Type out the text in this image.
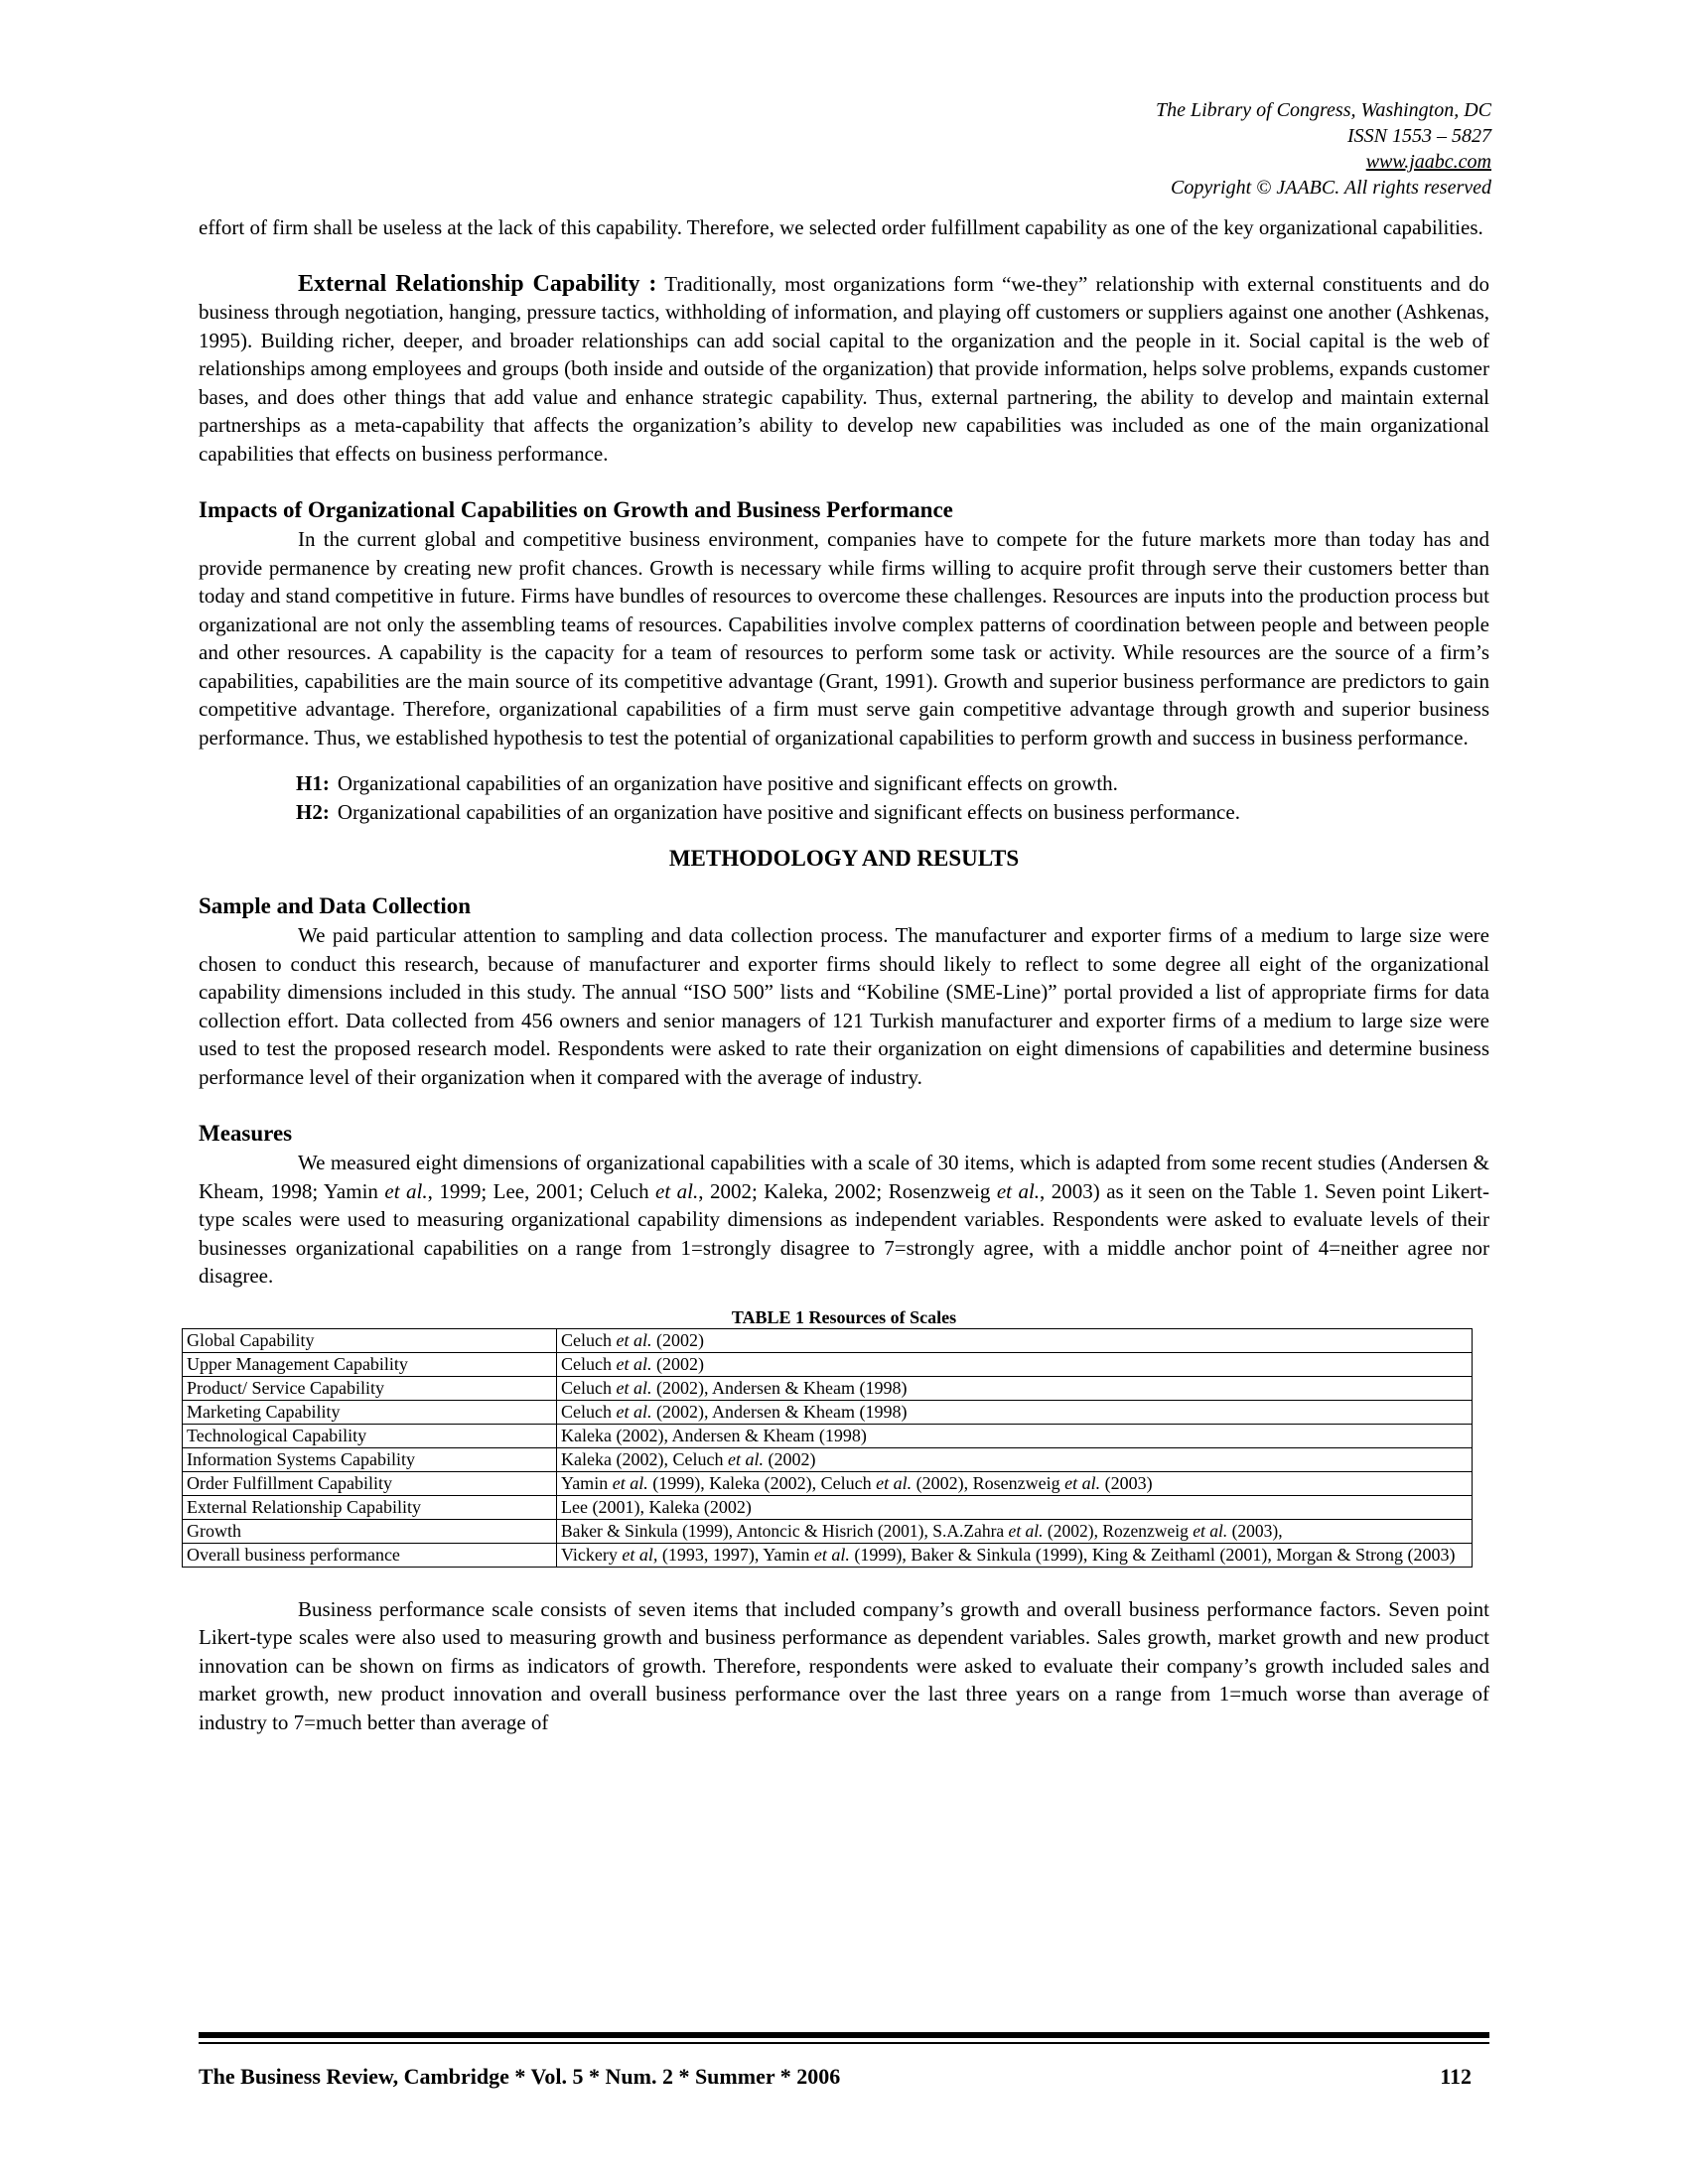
The Library of Congress, Washington, DC
ISSN 1553 – 5827
www.jaabc.com
Copyright © JAABC. All rights reserved

effort of firm shall be useless at the lack of this capability. Therefore, we selected order fulfillment capability as one of the key organizational capabilities.

External Relationship Capability : Traditionally, most organizations form “we-they” relationship with external constituents and do business through negotiation, hanging, pressure tactics, withholding of information, and playing off customers or suppliers against one another (Ashkenas, 1995). Building richer, deeper, and broader relationships can add social capital to the organization and the people in it. Social capital is the web of relationships among employees and groups (both inside and outside of the organization) that provide information, helps solve problems, expands customer bases, and does other things that add value and enhance strategic capability. Thus, external partnering, the ability to develop and maintain external partnerships as a meta-capability that affects the organization’s ability to develop new capabilities was included as one of the main organizational capabilities that effects on business performance.

Impacts of Organizational Capabilities on Growth and Business Performance

In the current global and competitive business environment, companies have to compete for the future markets more than today has and provide permanence by creating new profit chances. Growth is necessary while firms willing to acquire profit through serve their customers better than today and stand competitive in future. Firms have bundles of resources to overcome these challenges. Resources are inputs into the production process but organizational are not only the assembling teams of resources. Capabilities involve complex patterns of coordination between people and between people and other resources. A capability is the capacity for a team of resources to perform some task or activity. While resources are the source of a firm’s capabilities, capabilities are the main source of its competitive advantage (Grant, 1991). Growth and superior business performance are predictors to gain competitive advantage. Therefore, organizational capabilities of a firm must serve gain competitive advantage through growth and superior business performance. Thus, we established hypothesis to test the potential of organizational capabilities to perform growth and success in business performance.

H1: Organizational capabilities of an organization have positive and significant effects on growth.
H2: Organizational capabilities of an organization have positive and significant effects on business performance.

METHODOLOGY AND RESULTS

Sample and Data Collection

We paid particular attention to sampling and data collection process. The manufacturer and exporter firms of a medium to large size were chosen to conduct this research, because of manufacturer and exporter firms should likely to reflect to some degree all eight of the organizational capability dimensions included in this study. The annual “ISO 500” lists and “Kobiline (SME-Line)” portal provided a list of appropriate firms for data collection effort. Data collected from 456 owners and senior managers of 121 Turkish manufacturer and exporter firms of a medium to large size were used to test the proposed research model. Respondents were asked to rate their organization on eight dimensions of capabilities and determine business performance level of their organization when it compared with the average of industry.

Measures

We measured eight dimensions of organizational capabilities with a scale of 30 items, which is adapted from some recent studies (Andersen & Kheam, 1998; Yamin et al., 1999; Lee, 2001; Celuch et al., 2002; Kaleka, 2002; Rosenzweig et al., 2003) as it seen on the Table 1. Seven point Likert-type scales were used to measuring organizational capability dimensions as independent variables. Respondents were asked to evaluate levels of their businesses organizational capabilities on a range from 1=strongly disagree to 7=strongly agree, with a middle anchor point of 4=neither agree nor disagree.

TABLE 1 Resources of Scales
Global Capability	Celuch et al. (2002)
Upper Management Capability	Celuch et al. (2002)
Product/ Service Capability	Celuch et al. (2002), Andersen & Kheam (1998)
Marketing Capability	Celuch et al. (2002), Andersen & Kheam (1998)
Technological Capability	Kaleka (2002), Andersen & Kheam (1998)
Information Systems Capability	Kaleka (2002), Celuch et al. (2002)
Order Fulfillment Capability	Yamin et al. (1999), Kaleka (2002), Celuch et al. (2002), Rosenzweig et al. (2003)
External Relationship Capability	Lee (2001), Kaleka (2002)
Growth	Baker & Sinkula (1999), Antoncic & Hisrich (2001), S.A.Zahra et al. (2002), Rozenzweig et al. (2003),
Overall business performance	Vickery et al, (1993, 1997), Yamin et al. (1999), Baker & Sinkula (1999), King & Zeithaml (2001), Morgan & Strong (2003)

Business performance scale consists of seven items that included company’s growth and overall business performance factors. Seven point Likert-type scales were also used to measuring growth and business performance as dependent variables. Sales growth, market growth and new product innovation can be shown on firms as indicators of growth. Therefore, respondents were asked to evaluate their company’s growth included sales and market growth, new product innovation and overall business performance over the last three years on a range from 1=much worse than average of industry to 7=much better than average of

The Business Review, Cambridge * Vol. 5 * Num. 2 * Summer * 2006	112
